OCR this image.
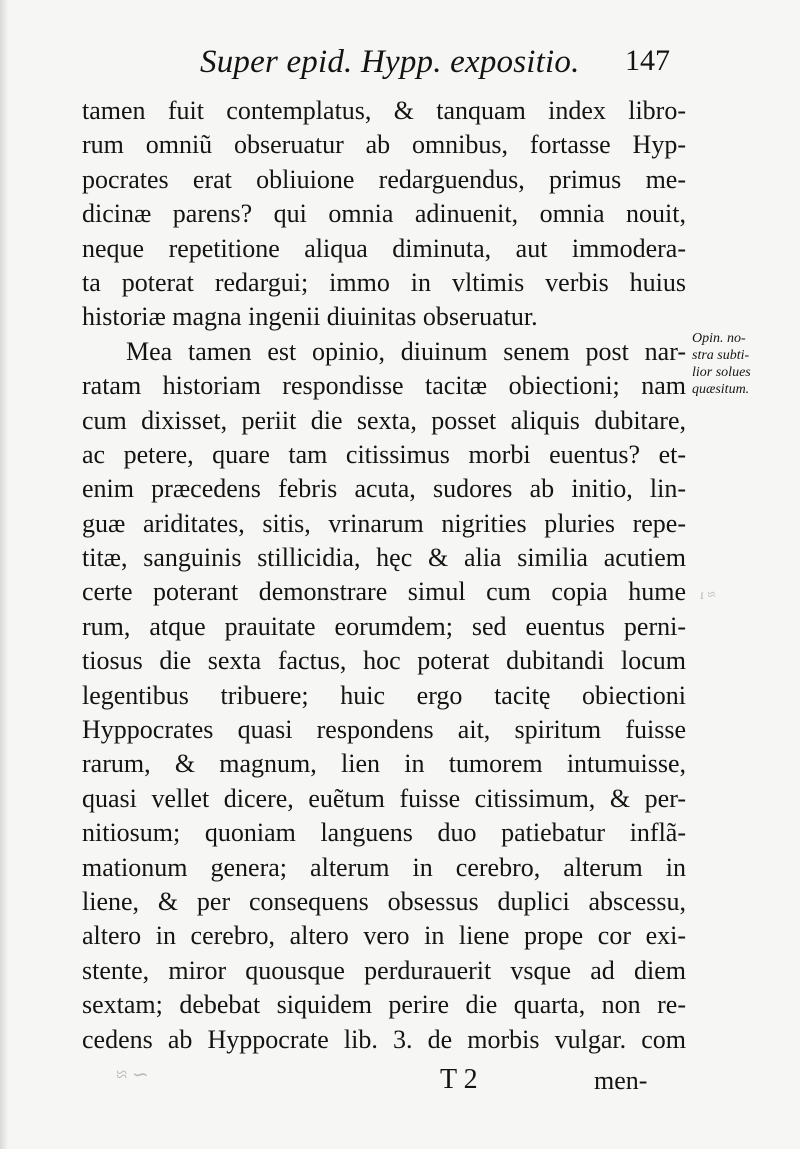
Super epid. Hypp. expositio. 147
tamen fuit contemplatus, & tanquam index libro-
rum omniũ obseruatur ab omnibus, fortasse Hyp-
pocrates erat obliuione redarguendus, primus me-
dicinæ parens? qui omnia adinuenit, omnia nouit,
neque repetitione aliqua diminuta, aut immodera-
ta poterat redargui; immo in vltimis verbis huius
historiæ magna ingenii diuinitas obseruatur.
Mea tamen est opinio, diuinum senem post nar-
ratam historiam respondisse tacitæ obiectioni; nam
cum dixisset, periit die sexta, posset aliquis dubitare,
ac petere, quare tam citissimus morbi euentus? et-
enim præcedens febris acuta, sudores ab initio, lin-
guæ ariditates, sitis, vrinarum nigrities pluries repe-
titæ, sanguinis stillicidia, hęc & alia similia acutiem
certe poterant demonstrare simul cum copia hume
rum, atque prauitate eorumdem; sed euentus perni-
tiosus die sexta factus, hoc poterat dubitandi locum
legentibus tribuere; huic ergo tacitę obiectioni
Hyppocrates quasi respondens ait, spiritum fuisse
rarum, & magnum, lien in tumorem intumuisse,
quasi vellet dicere, euẽtum fuisse citissimum, & per-
nitiosum; quoniam languens duo patiebatur inflã-
mationum genera; alterum in cerebro, alterum in
liene, & per consequens obsessus duplici abscessu,
altero in cerebro, altero vero in liene prope cor exi-
stente, miror quousque perdurauerit vsque ad diem
sextam; debebat siquidem perire die quarta, non re-
cedens ab Hyppocrate lib. 3. de morbis vulgar. com
Opin. no-
stra subti-
lior solues
quæsitum.
≈ ı
∼ ≈	T 2	men-
